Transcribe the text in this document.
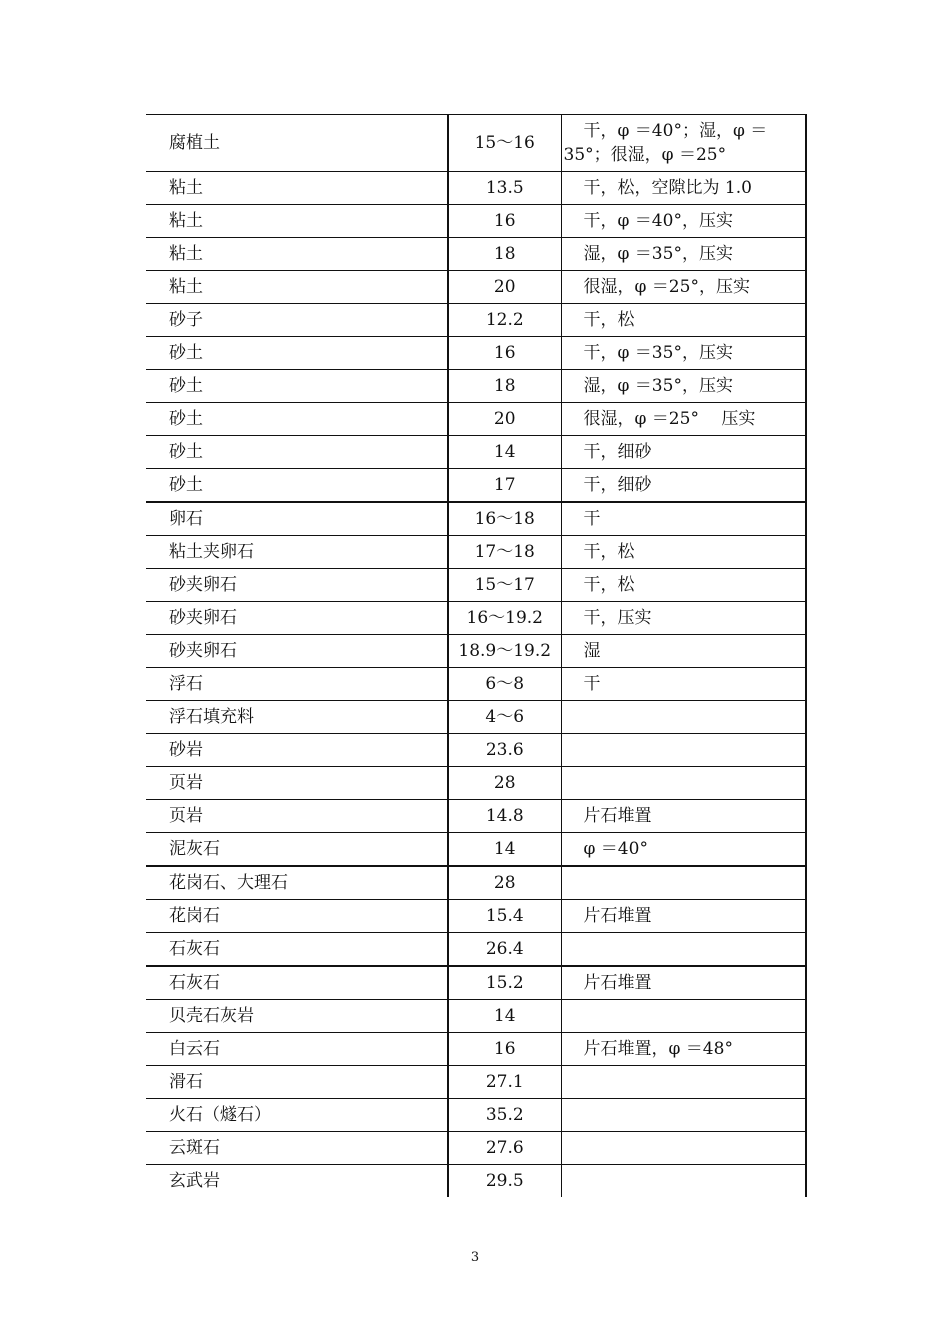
腐植土	15～16	干，φ ＝40°；湿，φ ＝35°；很湿，φ ＝25°
粘土	13.5	干，松，空隙比为 1.0
粘土	16	干，φ ＝40°，压实
粘土	18	湿，φ ＝35°，压实
粘土	20	很湿，φ ＝25°，压实
砂子	12.2	干，松
砂土	16	干，φ ＝35°，压实
砂土	18	湿，φ ＝35°，压实
砂土	20	很湿，φ ＝25°　 压实
砂土	14	干，细砂
砂土	17	干，细砂
卵石	16～18	干
粘土夹卵石	17～18	干，松
砂夹卵石	15～17	干，松
砂夹卵石	16～19.2	干，压实
砂夹卵石	18.9～19.2	湿
浮石	6～8	干
浮石填充料	4～6	
砂岩	23.6	
页岩	28	
页岩	14.8	片石堆置
泥灰石	14	φ ＝40°
花岗石、大理石	28	
花岗石	15.4	片石堆置
石灰石	26.4	
石灰石	15.2	片石堆置
贝壳石灰岩	14	
白云石	16	片石堆置，φ ＝48°
滑石	27.1	
火石（燧石）	35.2	
云斑石	27.6	
玄武岩	29.5	
3
